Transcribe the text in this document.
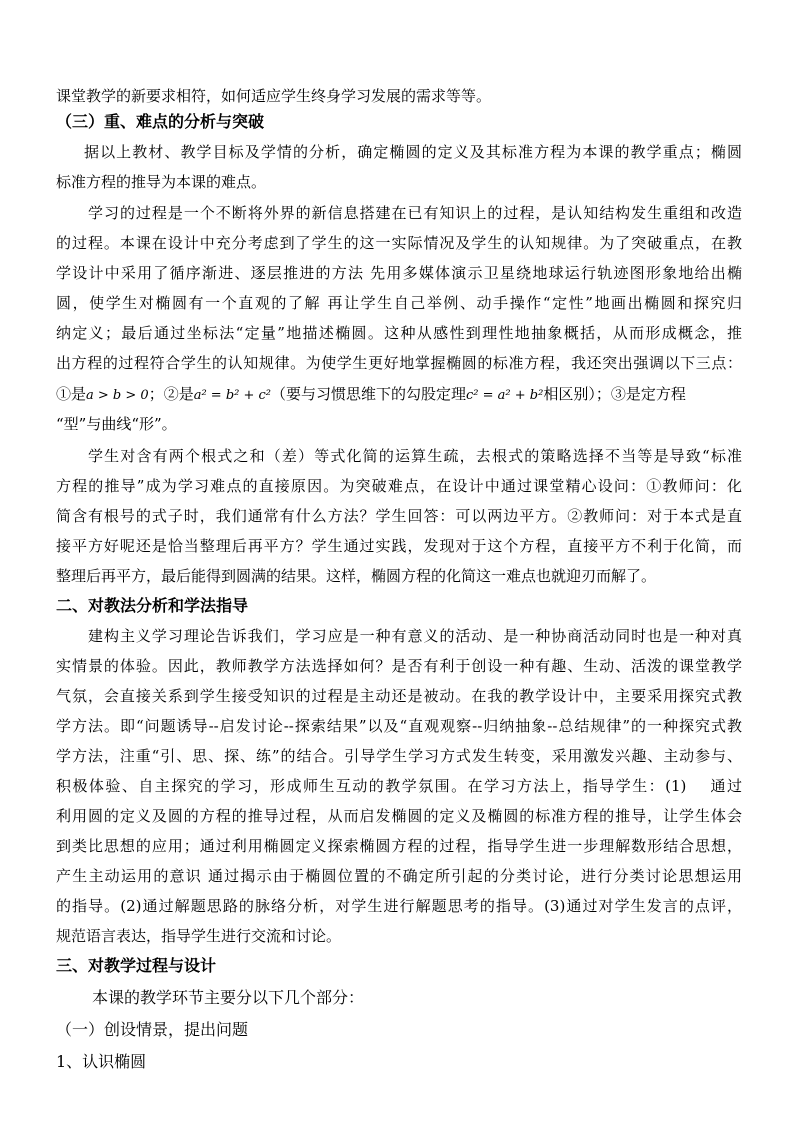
课堂教学的新要求相符，如何适应学生终身学习发展的需求等等。
（三）重、难点的分析与突破
据以上教材、教学目标及学情的分析，确定椭圆的定义及其标准方程为本课的教学重点；椭圆
标准方程的推导为本课的难点。
学习的过程是一个不断将外界的新信息搭建在已有知识上的过程，是认知结构发生重组和改造
的过程。本课在设计中充分考虑到了学生的这一实际情况及学生的认知规律。为了突破重点，在教
学设计中采用了循序渐进、逐层推进的方法 先用多媒体演示卫星绕地球运行轨迹图形象地给出椭
圆，使学生对椭圆有一个直观的了解 再让学生自己举例、动手操作“定性”地画出椭圆和探究归
纳定义；最后通过坐标法“定量”地描述椭圆。这种从感性到理性地抽象概括，从而形成概念，推
出方程的过程符合学生的认知规律。为使学生更好地掌握椭圆的标准方程，我还突出强调以下三点：
①是a > b > 0；②是a² = b² + c²（要与习惯思维下的勾股定理c² = a² + b²相区别）；③是定方程
“型”与曲线“形”。
学生对含有两个根式之和（差）等式化简的运算生疏，去根式的策略选择不当等是导致“标准
方程的推导”成为学习难点的直接原因。为突破难点，在设计中通过课堂精心设问：①教师问：化
简含有根号的式子时，我们通常有什么方法？学生回答：可以两边平方。②教师问：对于本式是直
接平方好呢还是恰当整理后再平方？学生通过实践，发现对于这个方程，直接平方不利于化简，而
整理后再平方，最后能得到圆满的结果。这样，椭圆方程的化简这一难点也就迎刃而解了。
二、对教法分析和学法指导
建构主义学习理论告诉我们，学习应是一种有意义的活动、是一种协商活动同时也是一种对真
实情景的体验。因此，教师教学方法选择如何？是否有利于创设一种有趣、生动、活泼的课堂教学
气氛，会直接关系到学生接受知识的过程是主动还是被动。在我的教学设计中，主要采用探究式教
学方法。即“问题诱导--启发讨论--探索结果”以及“直观观察--归纳抽象--总结规律”的一种探究式教
学方法，注重“引、思、探、练”的结合。引导学生学习方式发生转变，采用激发兴趣、主动参与、
积极体验、自主探究的学习，形成师生互动的教学氛围。在学习方法上，指导学生：(1)　 通过
利用圆的定义及圆的方程的推导过程，从而启发椭圆的定义及椭圆的标准方程的推导，让学生体会
到类比思想的应用；通过利用椭圆定义探索椭圆方程的过程，指导学生进一步理解数形结合思想，
产生主动运用的意识 通过揭示由于椭圆位置的不确定所引起的分类讨论，进行分类讨论思想运用
的指导。(2)通过解题思路的脉络分析，对学生进行解题思考的指导。(3)通过对学生发言的点评，
规范语言表达，指导学生进行交流和讨论。
三、对教学过程与设计
本课的教学环节主要分以下几个部分：
（一）创设情景，提出问题
1、认识椭圆
